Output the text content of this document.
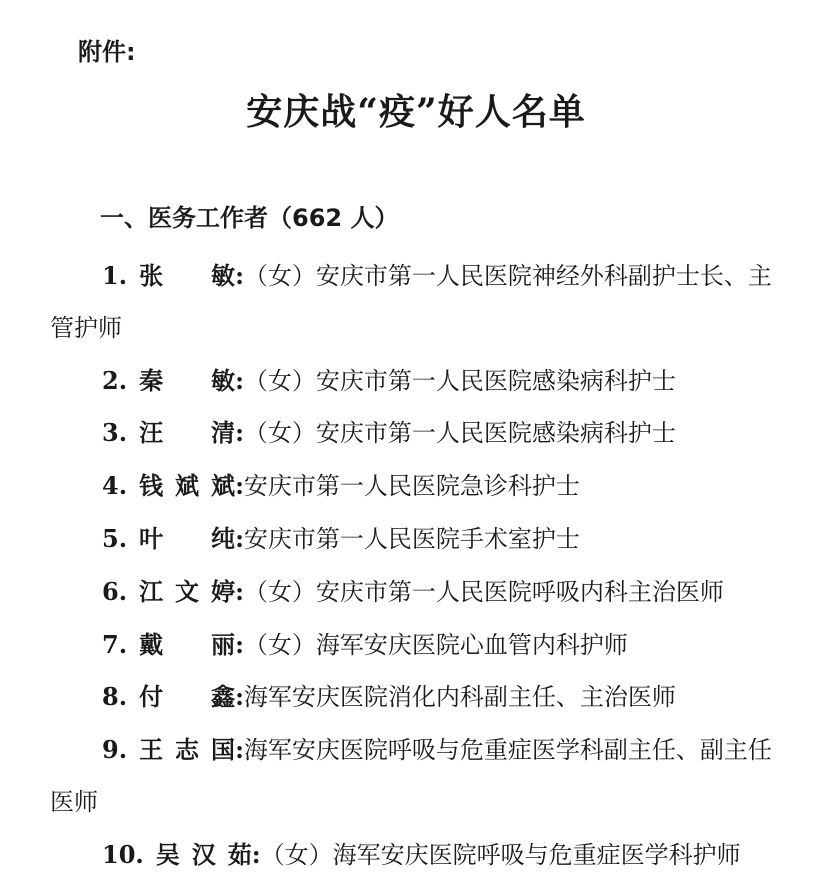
附件:
安庆战“疫”好人名单
一、医务工作者（662 人）

1. 张　敏:（女）安庆市第一人民医院神经外科副护士长、主管护师

2. 秦　敏:（女）安庆市第一人民医院感染病科护士

3. 汪　清:（女）安庆市第一人民医院感染病科护士

4. 钱斌斌:安庆市第一人民医院急诊科护士

5. 叶　纯:安庆市第一人民医院手术室护士

6. 江文婷:（女）安庆市第一人民医院呼吸内科主治医师

7. 戴　丽:（女）海军安庆医院心血管内科护师

8. 付　鑫:海军安庆医院消化内科副主任、主治医师

9. 王志国:海军安庆医院呼吸与危重症医学科副主任、副主任医师

10. 吴汉茹:（女）海军安庆医院呼吸与危重症医学科护师
